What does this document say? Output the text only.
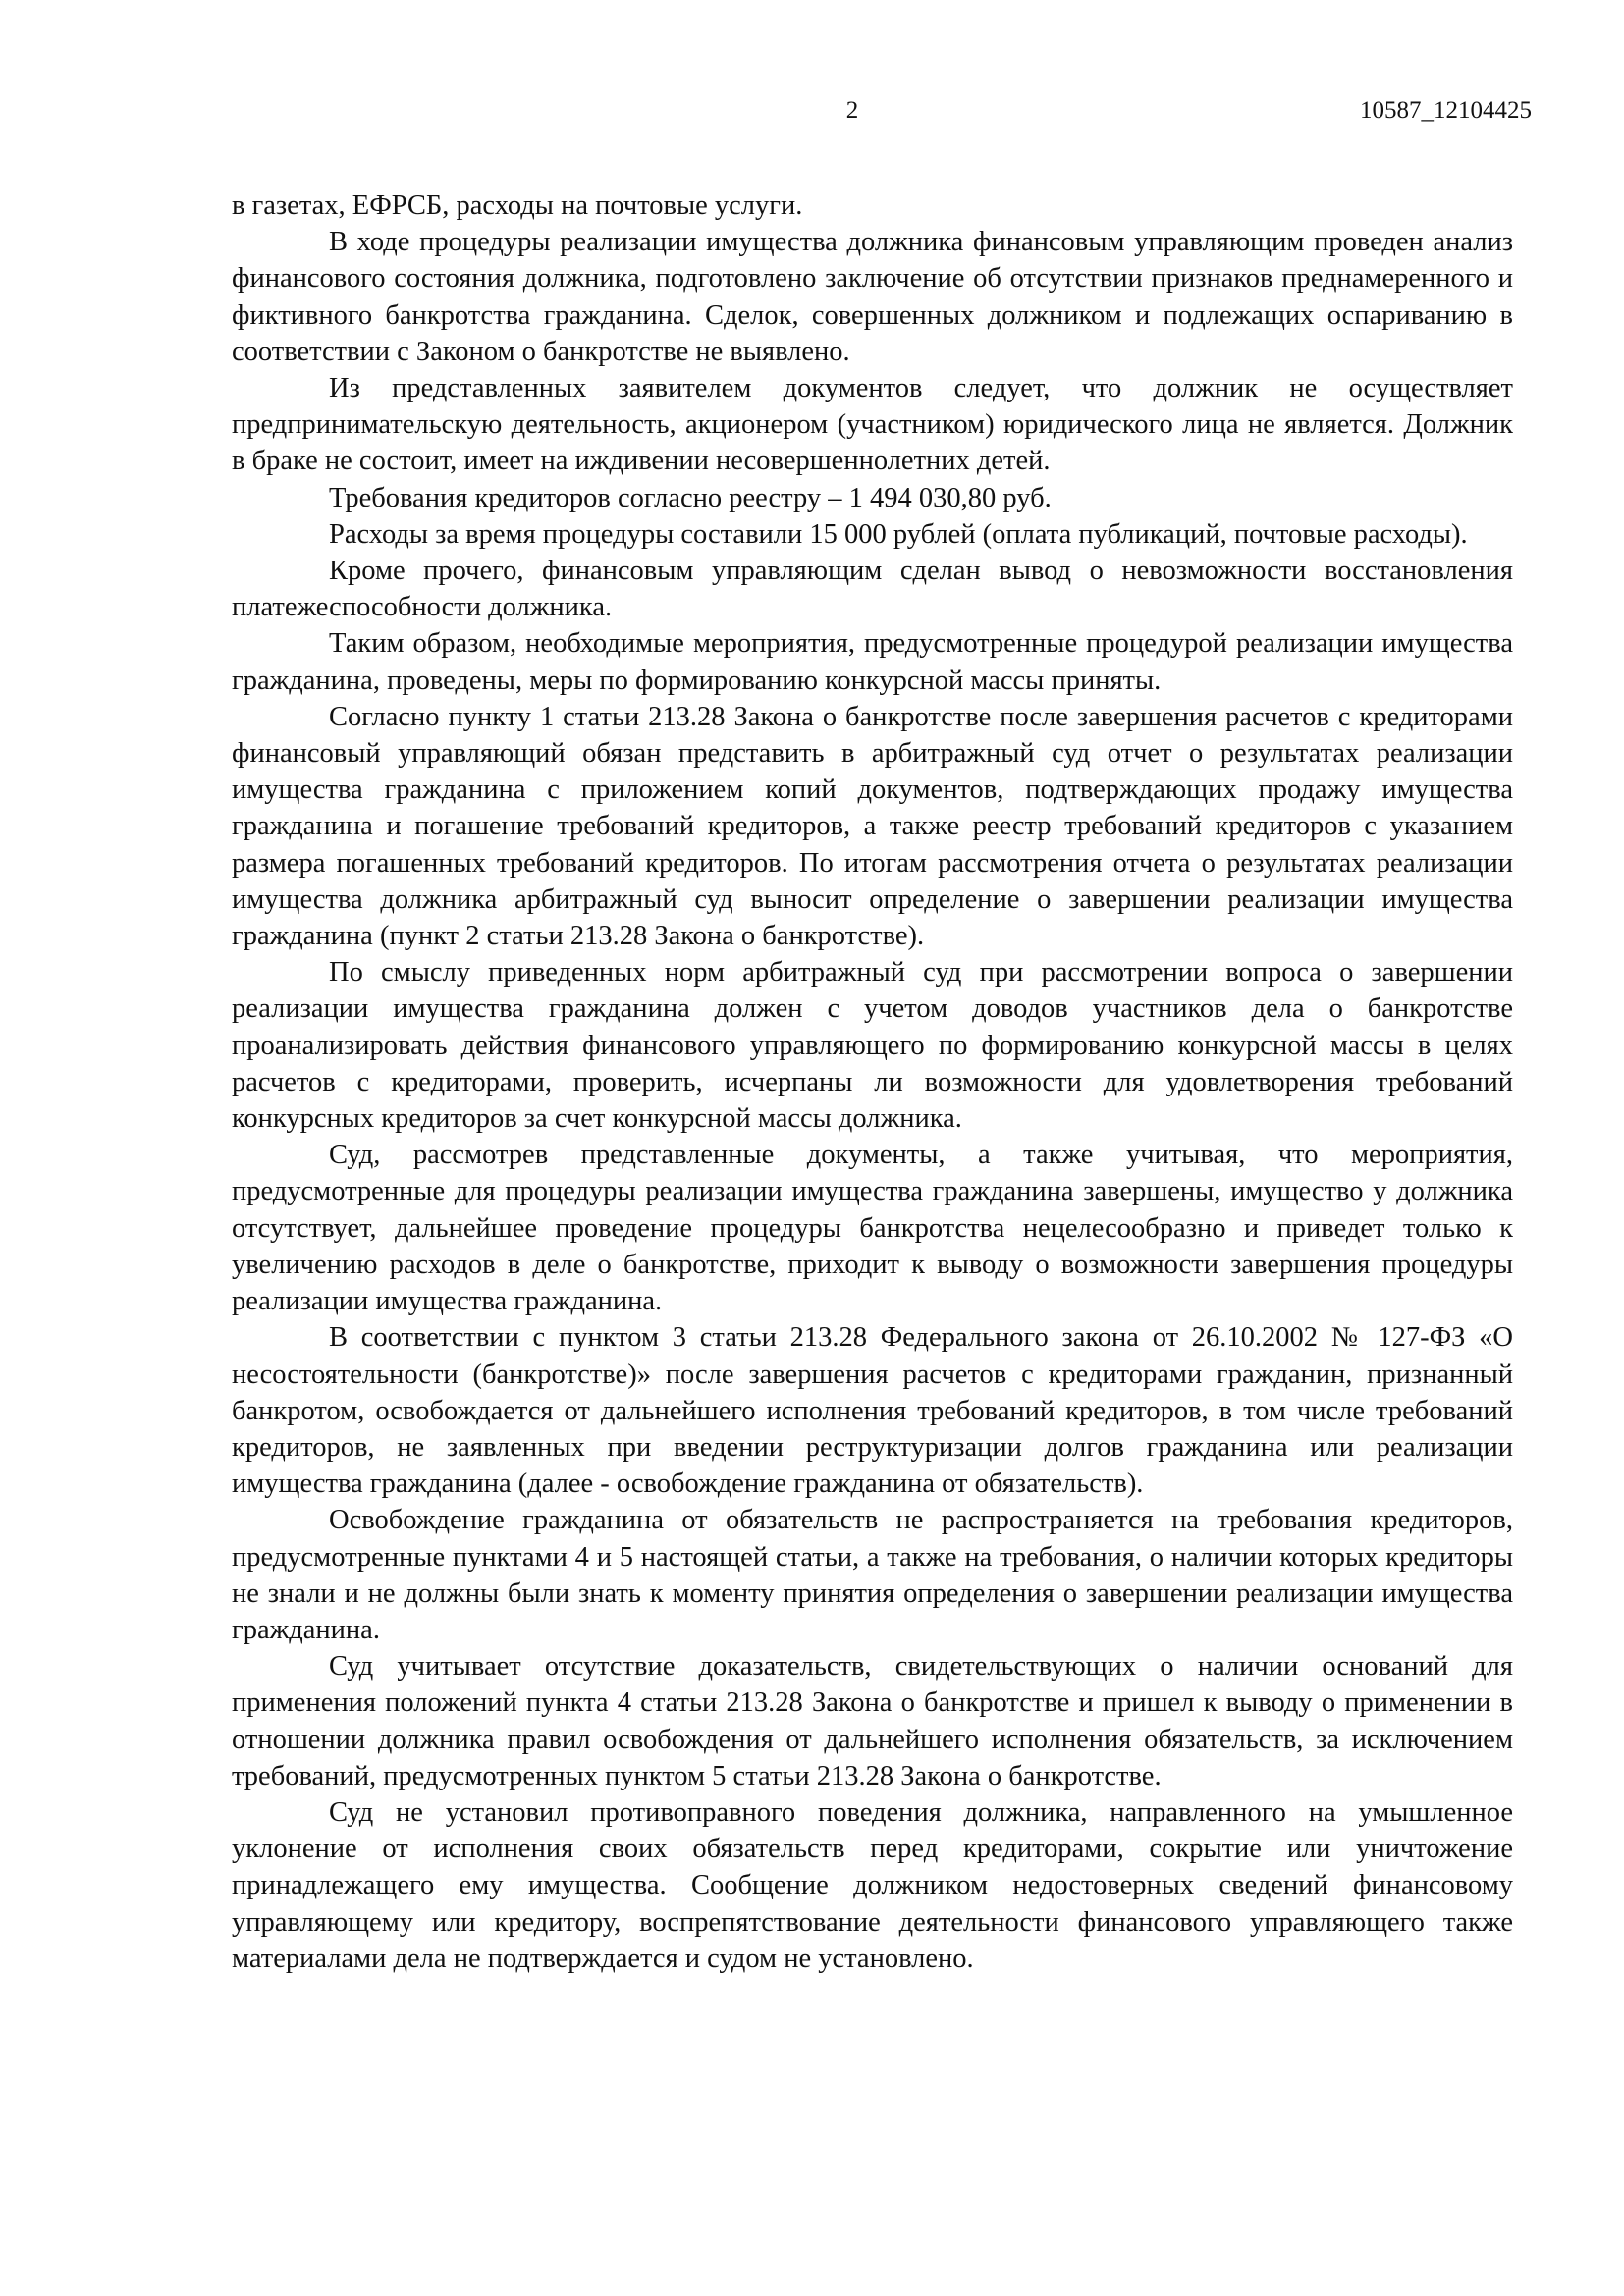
2	10587_12104425

в газетах, ЕФРСБ, расходы на почтовые услуги.

В ходе процедуры реализации имущества должника финансовым управляющим проведен анализ финансового состояния должника, подготовлено заключение об отсутствии признаков преднамеренного и фиктивного банкротства гражданина. Сделок, совершенных должником и подлежащих оспариванию в соответствии с Законом о банкротстве не выявлено.

Из представленных заявителем документов следует, что должник не осуществляет предпринимательскую деятельность, акционером (участником) юридического лица не является. Должник в браке не состоит, имеет на иждивении несовершеннолетних детей.

Требования кредиторов согласно реестру – 1 494 030,80 руб.

Расходы за время процедуры составили 15 000 рублей (оплата публикаций, почтовые расходы).

Кроме прочего, финансовым управляющим сделан вывод о невозможности восстановления платежеспособности должника.

Таким образом, необходимые мероприятия, предусмотренные процедурой реализации имущества гражданина, проведены, меры по формированию конкурсной массы приняты.

Согласно пункту 1 статьи 213.28 Закона о банкротстве после завершения расчетов с кредиторами финансовый управляющий обязан представить в арбитражный суд отчет о результатах реализации имущества гражданина с приложением копий документов, подтверждающих продажу имущества гражданина и погашение требований кредиторов, а также реестр требований кредиторов с указанием размера погашенных требований кредиторов. По итогам рассмотрения отчета о результатах реализации имущества должника арбитражный суд выносит определение о завершении реализации имущества гражданина (пункт 2 статьи 213.28 Закона о банкротстве).

По смыслу приведенных норм арбитражный суд при рассмотрении вопроса о завершении реализации имущества гражданина должен с учетом доводов участников дела о банкротстве проанализировать действия финансового управляющего по формированию конкурсной массы в целях расчетов с кредиторами, проверить, исчерпаны ли возможности для удовлетворения требований конкурсных кредиторов за счет конкурсной массы должника.

Суд, рассмотрев представленные документы, а также учитывая, что мероприятия, предусмотренные для процедуры реализации имущества гражданина завершены, имущество у должника отсутствует, дальнейшее проведение процедуры банкротства нецелесообразно и приведет только к увеличению расходов в деле о банкротстве, приходит к выводу о возможности завершения процедуры реализации имущества гражданина.

В соответствии с пунктом 3 статьи 213.28 Федерального закона от 26.10.2002 № 127-ФЗ «О несостоятельности (банкротстве)» после завершения расчетов с кредиторами гражданин, признанный банкротом, освобождается от дальнейшего исполнения требований кредиторов, в том числе требований кредиторов, не заявленных при введении реструктуризации долгов гражданина или реализации имущества гражданина (далее - освобождение гражданина от обязательств).

Освобождение гражданина от обязательств не распространяется на требования кредиторов, предусмотренные пунктами 4 и 5 настоящей статьи, а также на требования, о наличии которых кредиторы не знали и не должны были знать к моменту принятия определения о завершении реализации имущества гражданина.

Суд учитывает отсутствие доказательств, свидетельствующих о наличии оснований для применения положений пункта 4 статьи 213.28 Закона о банкротстве и пришел к выводу о применении в отношении должника правил освобождения от дальнейшего исполнения обязательств, за исключением требований, предусмотренных пунктом 5 статьи 213.28 Закона о банкротстве.

Суд не установил противоправного поведения должника, направленного на умышленное уклонение от исполнения своих обязательств перед кредиторами, сокрытие или уничтожение принадлежащего ему имущества. Сообщение должником недостоверных сведений финансовому управляющему или кредитору, воспрепятствование деятельности финансового управляющего также материалами дела не подтверждается и судом не установлено.
